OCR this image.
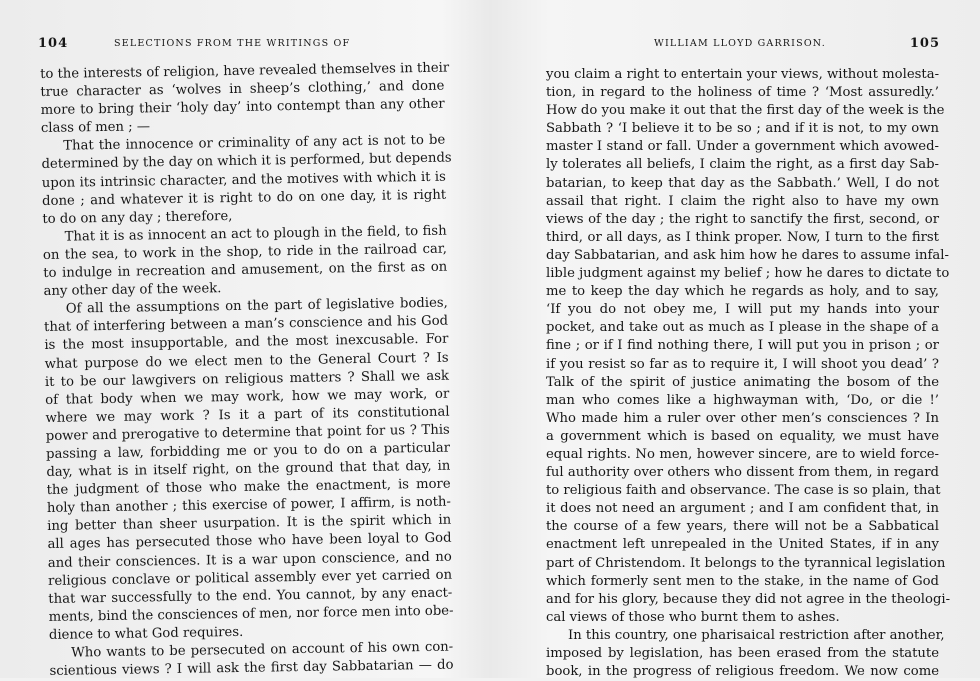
104	SELECTIONS FROM THE WRITINGS OF
to the interests of religion, have revealed themselves in their
true character as ‘wolves in sheep’s clothing,’ and done
more to bring their ‘holy day’ into contempt than any other
class of men ; —
That the innocence or criminality of any act is not to be
determined by the day on which it is performed, but depends
upon its intrinsic character, and the motives with which it is
done ; and whatever it is right to do on one day, it is right
to do on any day ; therefore,
That it is as innocent an act to plough in the field, to fish
on the sea, to work in the shop, to ride in the railroad car,
to indulge in recreation and amusement, on the first as on
any other day of the week.
Of all the assumptions on the part of legislative bodies,
that of interfering between a man’s conscience and his God
is the most insupportable, and the most inexcusable. For
what purpose do we elect men to the General Court ? Is
it to be our lawgivers on religious matters ? Shall we ask
of that body when we may work, how we may work, or
where we may work ? Is it a part of its constitutional
power and prerogative to determine that point for us ? This
passing a law, forbidding me or you to do on a particular
day, what is in itself right, on the ground that that day, in
the judgment of those who make the enactment, is more
holy than another ; this exercise of power, I affirm, is noth-
ing better than sheer usurpation. It is the spirit which in
all ages has persecuted those who have been loyal to God
and their consciences. It is a war upon conscience, and no
religious conclave or political assembly ever yet carried on
that war successfully to the end. You cannot, by any enact-
ments, bind the consciences of men, nor force men into obe-
dience to what God requires.
Who wants to be persecuted on account of his own con-
scientious views ? I will ask the first day Sabbatarian — do
WILLIAM LLOYD GARRISON.	105
you claim a right to entertain your views, without molesta-
tion, in regard to the holiness of time ? ‘Most assuredly.’
How do you make it out that the first day of the week is the
Sabbath ? ‘I believe it to be so ; and if it is not, to my own
master I stand or fall. Under a government which avowed-
ly tolerates all beliefs, I claim the right, as a first day Sab-
batarian, to keep that day as the Sabbath.’ Well, I do not
assail that right. I claim the right also to have my own
views of the day ; the right to sanctify the first, second, or
third, or all days, as I think proper. Now, I turn to the first
day Sabbatarian, and ask him how he dares to assume infal-
lible judgment against my belief ; how he dares to dictate to
me to keep the day which he regards as holy, and to say,
‘If you do not obey me, I will put my hands into your
pocket, and take out as much as I please in the shape of a
fine ; or if I find nothing there, I will put you in prison ; or
if you resist so far as to require it, I will shoot you dead’ ?
Talk of the spirit of justice animating the bosom of the
man who comes like a highwayman with, ‘Do, or die !’
Who made him a ruler over other men’s consciences ? In
a government which is based on equality, we must have
equal rights. No men, however sincere, are to wield force-
ful authority over others who dissent from them, in regard
to religious faith and observance. The case is so plain, that
it does not need an argument ; and I am confident that, in
the course of a few years, there will not be a Sabbatical
enactment left unrepealed in the United States, if in any
part of Christendom. It belongs to the tyrannical legislation
which formerly sent men to the stake, in the name of God
and for his glory, because they did not agree in the theologi-
cal views of those who burnt them to ashes.
In this country, one pharisaical restriction after another,
imposed by legislation, has been erased from the statute
book, in the progress of religious freedom. We now come
